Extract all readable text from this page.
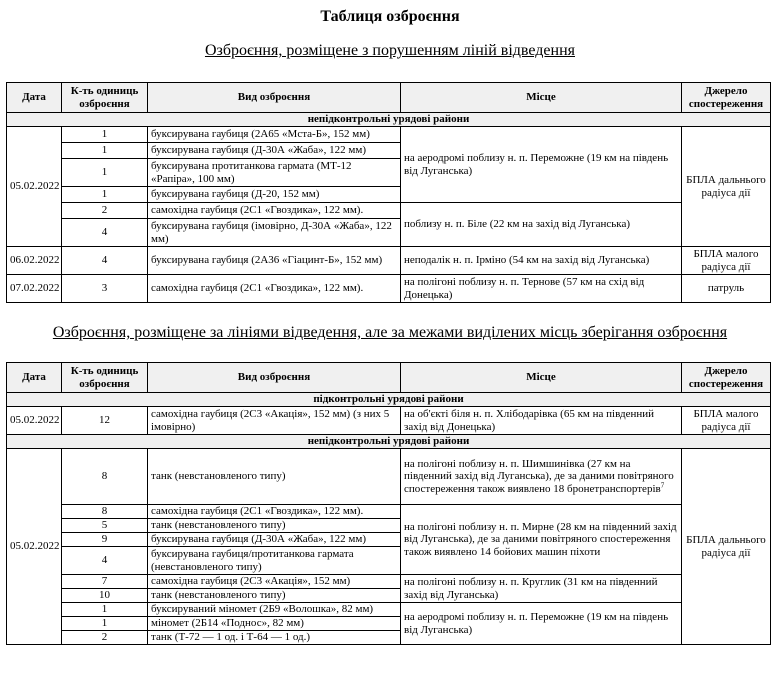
Таблиця озброєння
Озброєння, розміщене з порушенням ліній відведення
Дата	К-ть одиниць озброєння	Вид озброєння	Місце	Джерело спостереження
непідконтрольні урядові райони				
05.02.2022	1	буксирувана гаубиця (2А65 «Мста-Б», 152 мм)	на аеродромі поблизу н. п. Переможне (19 км на південь від Луганська)	БПЛА дальнього радіуса дії
	1	буксирувана гаубиця (Д-30А «Жаба», 122 мм)		
	1	буксирувана протитанкова гармата (МТ-12 «Рапіра», 100 мм)		
	1	буксирувана гаубиця (Д-20, 152 мм)		
	2	самохідна гаубиця (2С1 «Гвоздика», 122 мм).	поблизу н. п. Біле (22 км на захід від Луганська)	
	4	буксирувана гаубиця (імовірно, Д-30А «Жаба», 122 мм)		
06.02.2022	4	буксирувана гаубиця (2А36 «Гіацинт-Б», 152 мм)	неподалік н. п. Ірміно (54 км на захід від Луганська)	БПЛА малого радіуса дії
07.02.2022	3	самохідна гаубиця (2С1 «Гвоздика», 122 мм).	на полігоні поблизу н. п. Тернове (57 км на схід від Донецька)	патруль
Озброєння, розміщене за лініями відведення, але за межами виділених місць зберігання озброєння
Дата	К-ть одиниць озброєння	Вид озброєння	Місце	Джерело спостереження
підконтрольні урядові райони				
05.02.2022	12	самохідна гаубиця (2С3 «Акація», 152 мм) (з них 5 імовірно)	на об'єкті біля н. п. Хлібодарівка (65 км на південний захід від Донецька)	БПЛА малого радіуса дії
непідконтрольні урядові райони				
05.02.2022	8	танк (невстановленого типу)	на полігоні поблизу н. п. Шимшинівка (27 км на південний захід від Луганська), де за даними повітряного спостереження також виявлено 18 бронетранспортерів$^7$	БПЛА дальнього радіуса дії
	8	самохідна гаубиця (2С1 «Гвоздика», 122 мм).	на полігоні поблизу н. п. Мирне (28 км на південний захід від Луганська), де за даними повітряного спостереження також виявлено 14 бойових машин піхоти	
	5	танк (невстановленого типу)		
	9	буксирувана гаубиця (Д-30А «Жаба», 122 мм)		
	4	буксирувана гаубиця/протитанкова гармата (невстановленого типу)		
	7	самохідна гаубиця (2С3 «Акація», 152 мм)	на полігоні поблизу н. п. Круглик (31 км на південний захід від Луганська)	
	10	танк (невстановленого типу)		
	1	буксируваний міномет (2Б9 «Волошка», 82 мм)	на аеродромі поблизу н. п. Переможне (19 км на південь від Луганська)	
	1	міномет (2Б14 «Поднос», 82 мм)		
	2	танк (Т-72 — 1 од. і Т-64 — 1 од.)		
